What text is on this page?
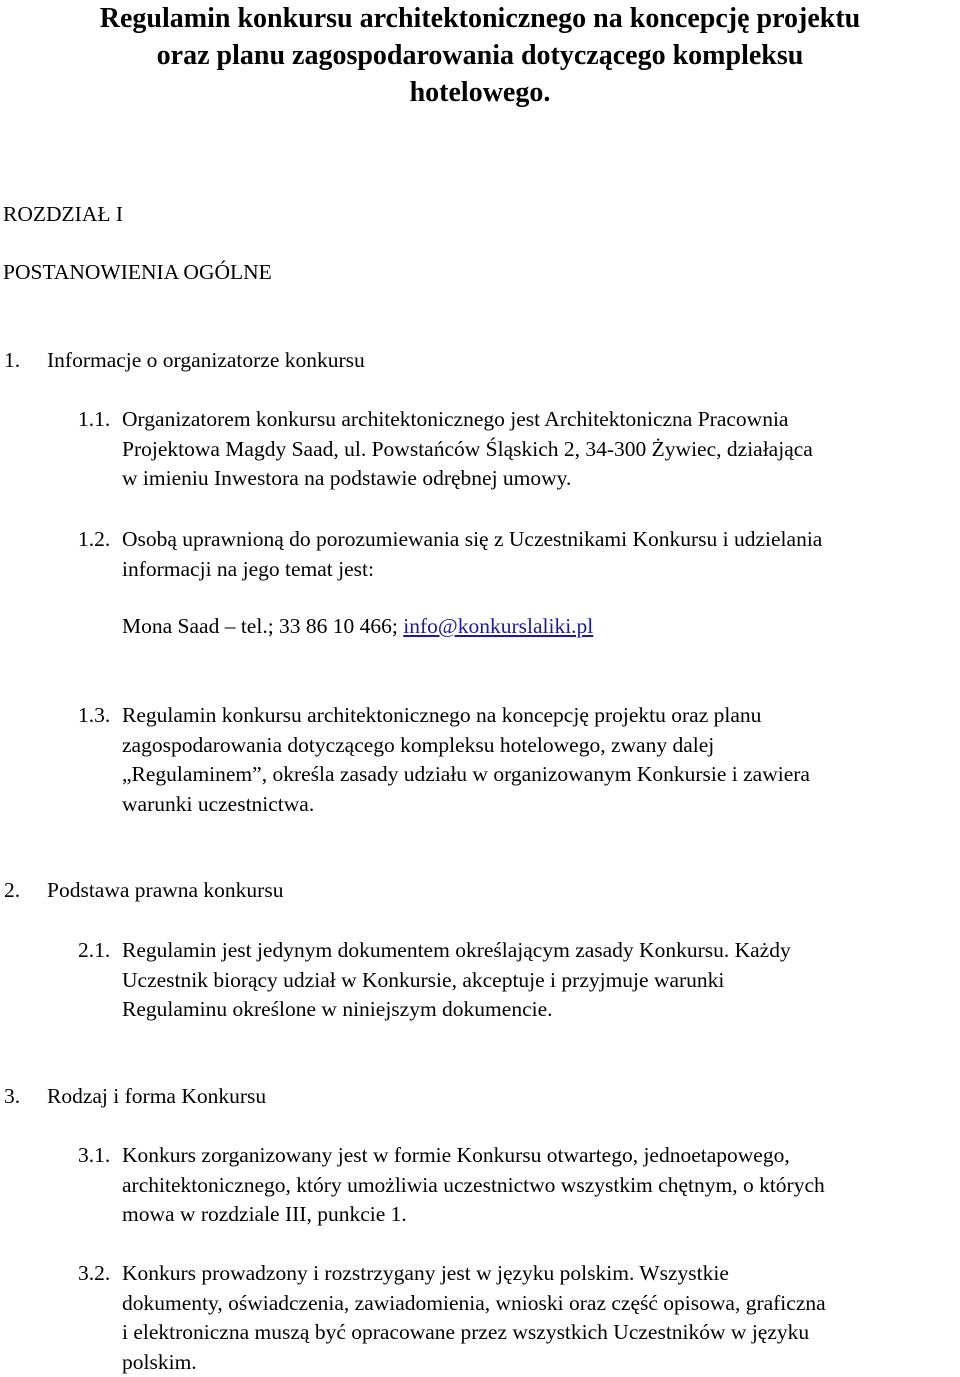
Regulamin konkursu architektonicznego na koncepcję projektu
oraz planu zagospodarowania dotyczącego kompleksu
hotelowego.
ROZDZIAŁ I
POSTANOWIENIA OGÓLNE
1. Informacje o organizatorze konkursu
1.1. Organizatorem konkursu architektonicznego jest Architektoniczna Pracownia
Projektowa Magdy Saad, ul. Powstańców Śląskich 2, 34-300 Żywiec, działająca
w imieniu Inwestora na podstawie odrębnej umowy.
1.2. Osobą uprawnioną do porozumiewania się z Uczestnikami Konkursu i udzielania
informacji na jego temat jest:
Mona Saad – tel.; 33 86 10 466; info@konkurslaliki.pl
1.3. Regulamin konkursu architektonicznego na koncepcję projektu oraz planu
zagospodarowania dotyczącego kompleksu hotelowego, zwany dalej
„Regulaminem”, określa zasady udziału w organizowanym Konkursie i zawiera
warunki uczestnictwa.
2. Podstawa prawna konkursu
2.1. Regulamin jest jedynym dokumentem określającym zasady Konkursu. Każdy
Uczestnik biorący udział w Konkursie, akceptuje i przyjmuje warunki
Regulaminu określone w niniejszym dokumencie.
3. Rodzaj i forma Konkursu
3.1. Konkurs zorganizowany jest w formie Konkursu otwartego, jednoetapowego,
architektonicznego, który umożliwia uczestnictwo wszystkim chętnym, o których
mowa w rozdziale III, punkcie 1.
3.2. Konkurs prowadzony i rozstrzygany jest w języku polskim. Wszystkie
dokumenty, oświadczenia, zawiadomienia, wnioski oraz część opisowa, graficzna
i elektroniczna muszą być opracowane przez wszystkich Uczestników w języku
polskim.
